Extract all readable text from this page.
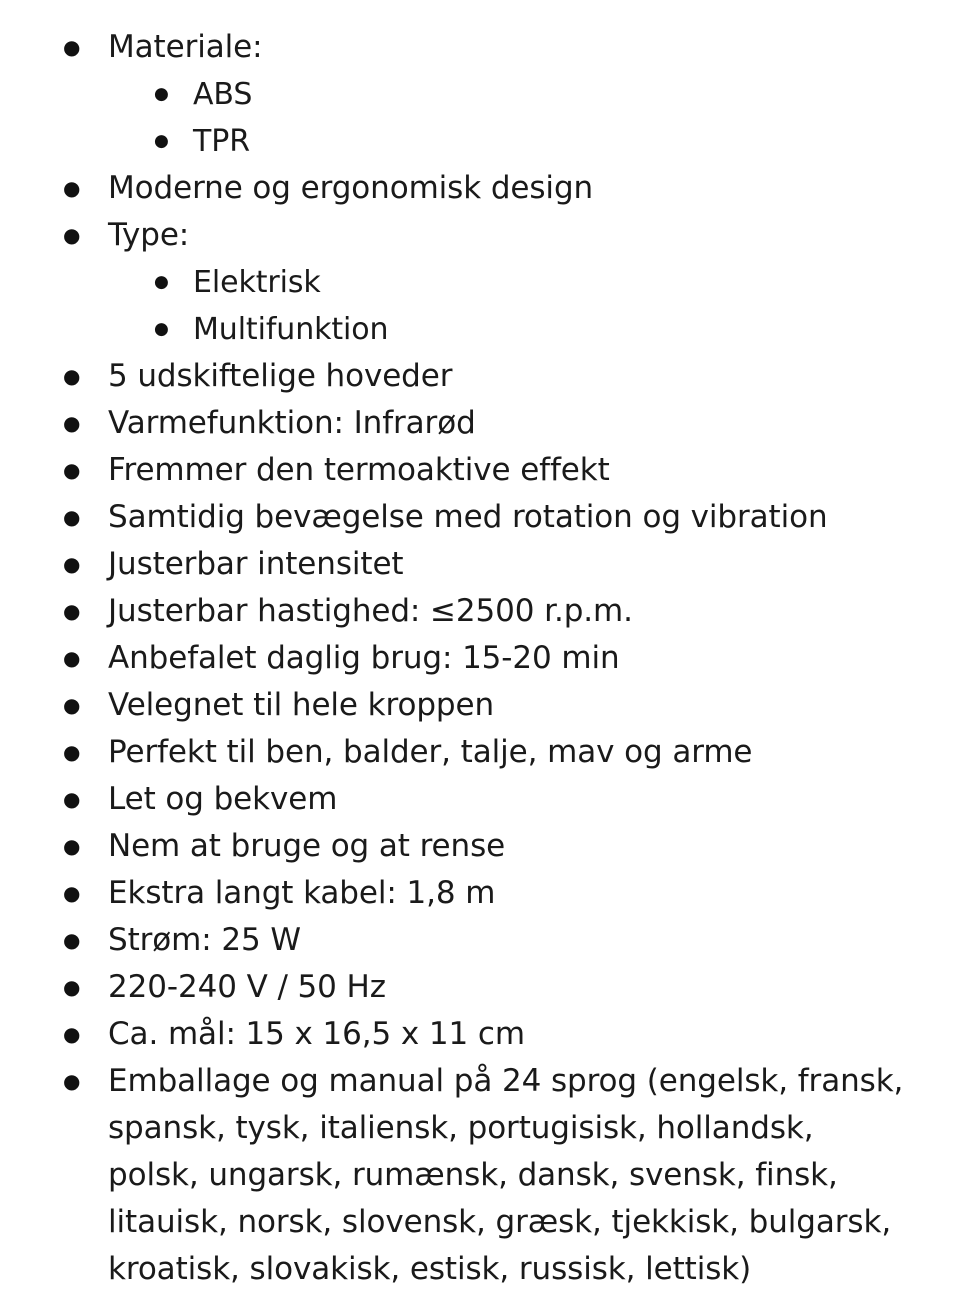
● Materiale:
● ABS
● TPR
● Moderne og ergonomisk design
● Type:
● Elektrisk
● Multifunktion
● 5 udskiftelige hoveder
● Varmefunktion: Infrarød
● Fremmer den termoaktive effekt
● Samtidig bevægelse med rotation og vibration
● Justerbar intensitet
● Justerbar hastighed: ≤2500 r.p.m.
● Anbefalet daglig brug: 15-20 min
● Velegnet til hele kroppen
● Perfekt til ben, balder, talje, mav og arme
● Let og bekvem
● Nem at bruge og at rense
● Ekstra langt kabel: 1,8 m
● Strøm: 25 W
● 220-240 V / 50 Hz
● Ca. mål: 15 x 16,5 x 11 cm
● Emballage og manual på 24 sprog (engelsk, fransk, spansk, tysk, italiensk, portugisisk, hollandsk, polsk, ungarsk, rumænsk, dansk, svensk, finsk, litauisk, norsk, slovensk, græsk, tjekkisk, bulgarsk, kroatisk, slovakisk, estisk, russisk, lettisk)
